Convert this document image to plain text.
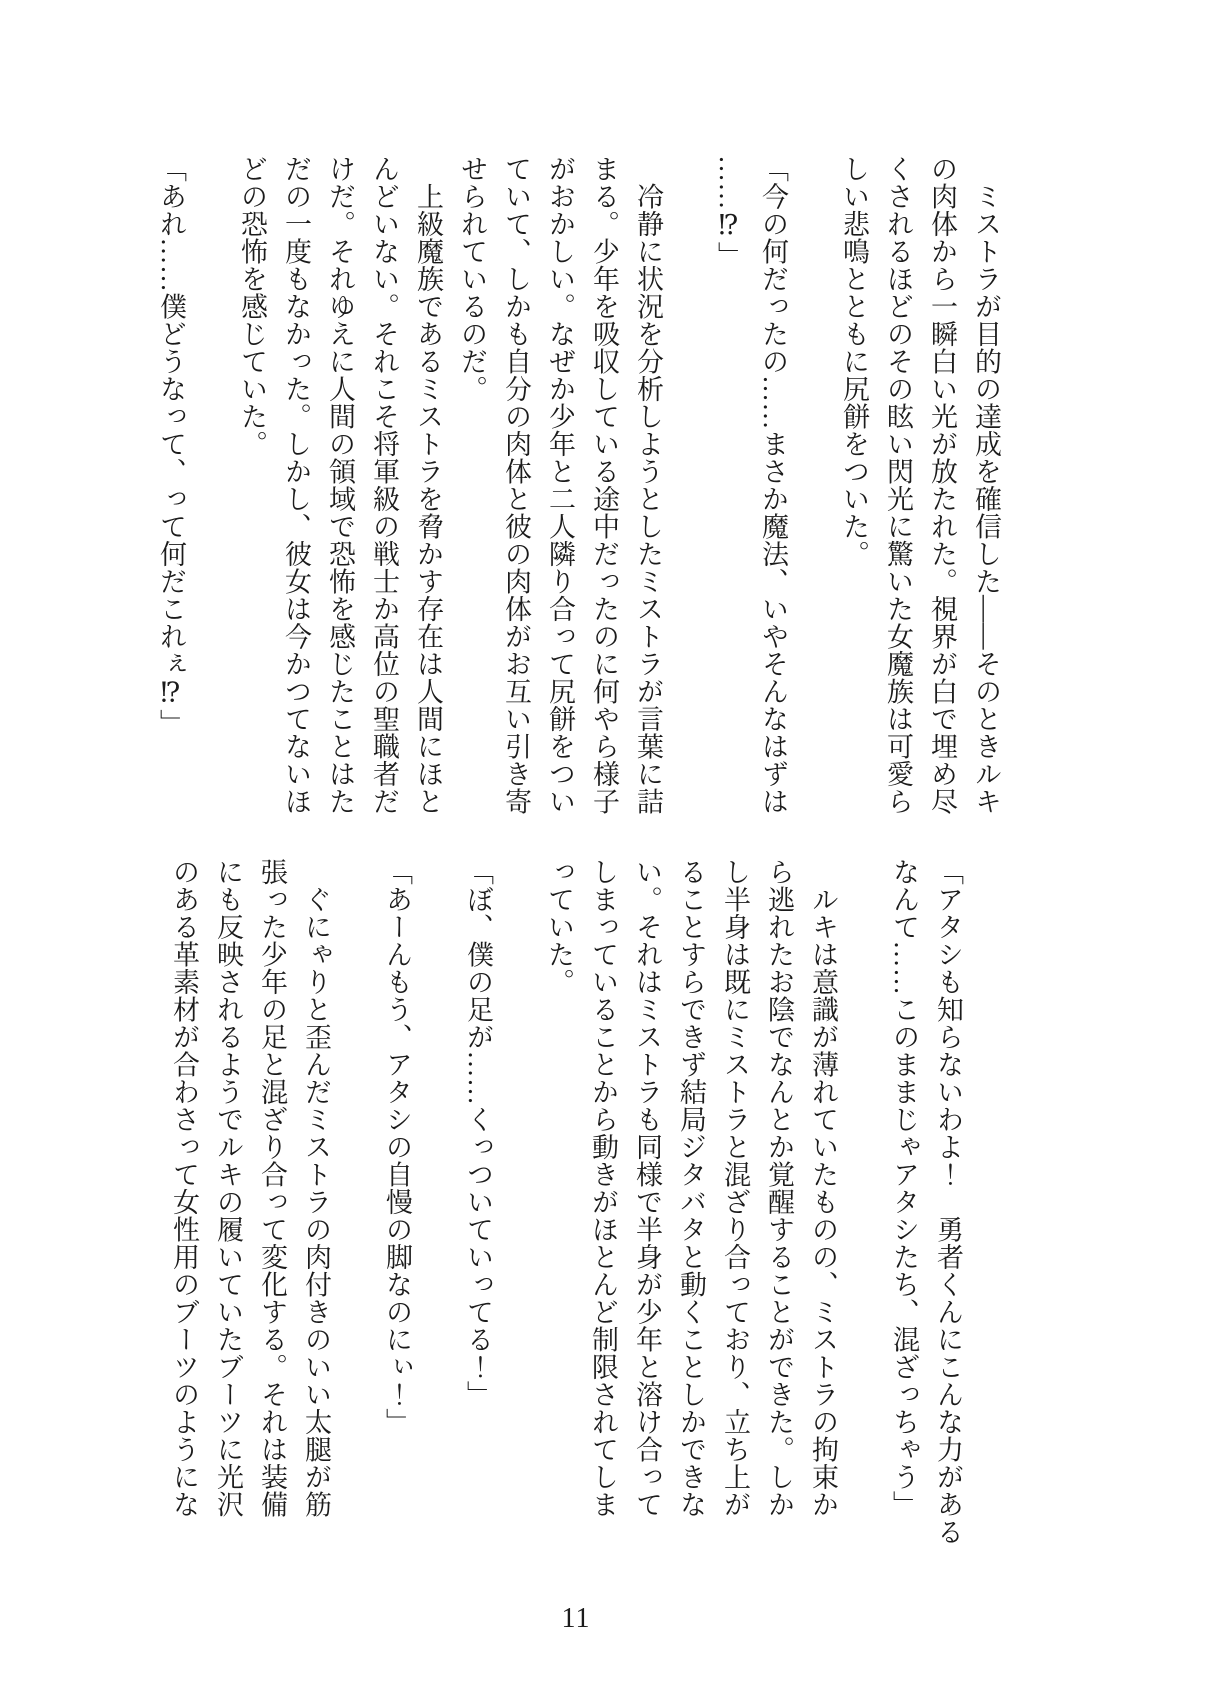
　ミストラが目的の達成を確信した——そのときルキ

の肉体から一瞬白い光が放たれた。視界が白で埋め尽

くされるほどのその眩い閃光に驚いた女魔族は可愛ら

しい悲鳴とともに尻餅をついた。

「今の何だったの……まさか魔法、いやそんなはずは

……⁉」

　冷静に状況を分析しようとしたミストラが言葉に詰

まる。少年を吸収している途中だったのに何やら様子

がおかしい。なぜか少年と二人隣り合って尻餅をつい

ていて、しかも自分の肉体と彼の肉体がお互い引き寄

せられているのだ。

　上級魔族であるミストラを脅かす存在は人間にほと

んどいない。それこそ将軍級の戦士か高位の聖職者だ

けだ。それゆえに人間の領域で恐怖を感じたことはた

だの一度もなかった。しかし、彼女は今かつてないほ

どの恐怖を感じていた。

「あれ……僕どうなって、って何だこれぇ⁉」

「アタシも知らないわよ！　勇者くんにこんな力がある

なんて……このままじゃアタシたち、混ざっちゃう」

　ルキは意識が薄れていたものの、ミストラの拘束か

ら逃れたお陰でなんとか覚醒することができた。しか

し半身は既にミストラと混ざり合っており、立ち上が

ることすらできず結局ジタバタと動くことしかできな

い。それはミストラも同様で半身が少年と溶け合って

しまっていることから動きがほとんど制限されてしま

っていた。

「ぼ、僕の足が……くっついていってる！」

「あーんもう、アタシの自慢の脚なのにぃ！」

　ぐにゃりと歪んだミストラの肉付きのいい太腿が筋

張った少年の足と混ざり合って変化する。それは装備

にも反映されるようでルキの履いていたブーツに光沢

のある革素材が合わさって女性用のブーツのようにな

11
